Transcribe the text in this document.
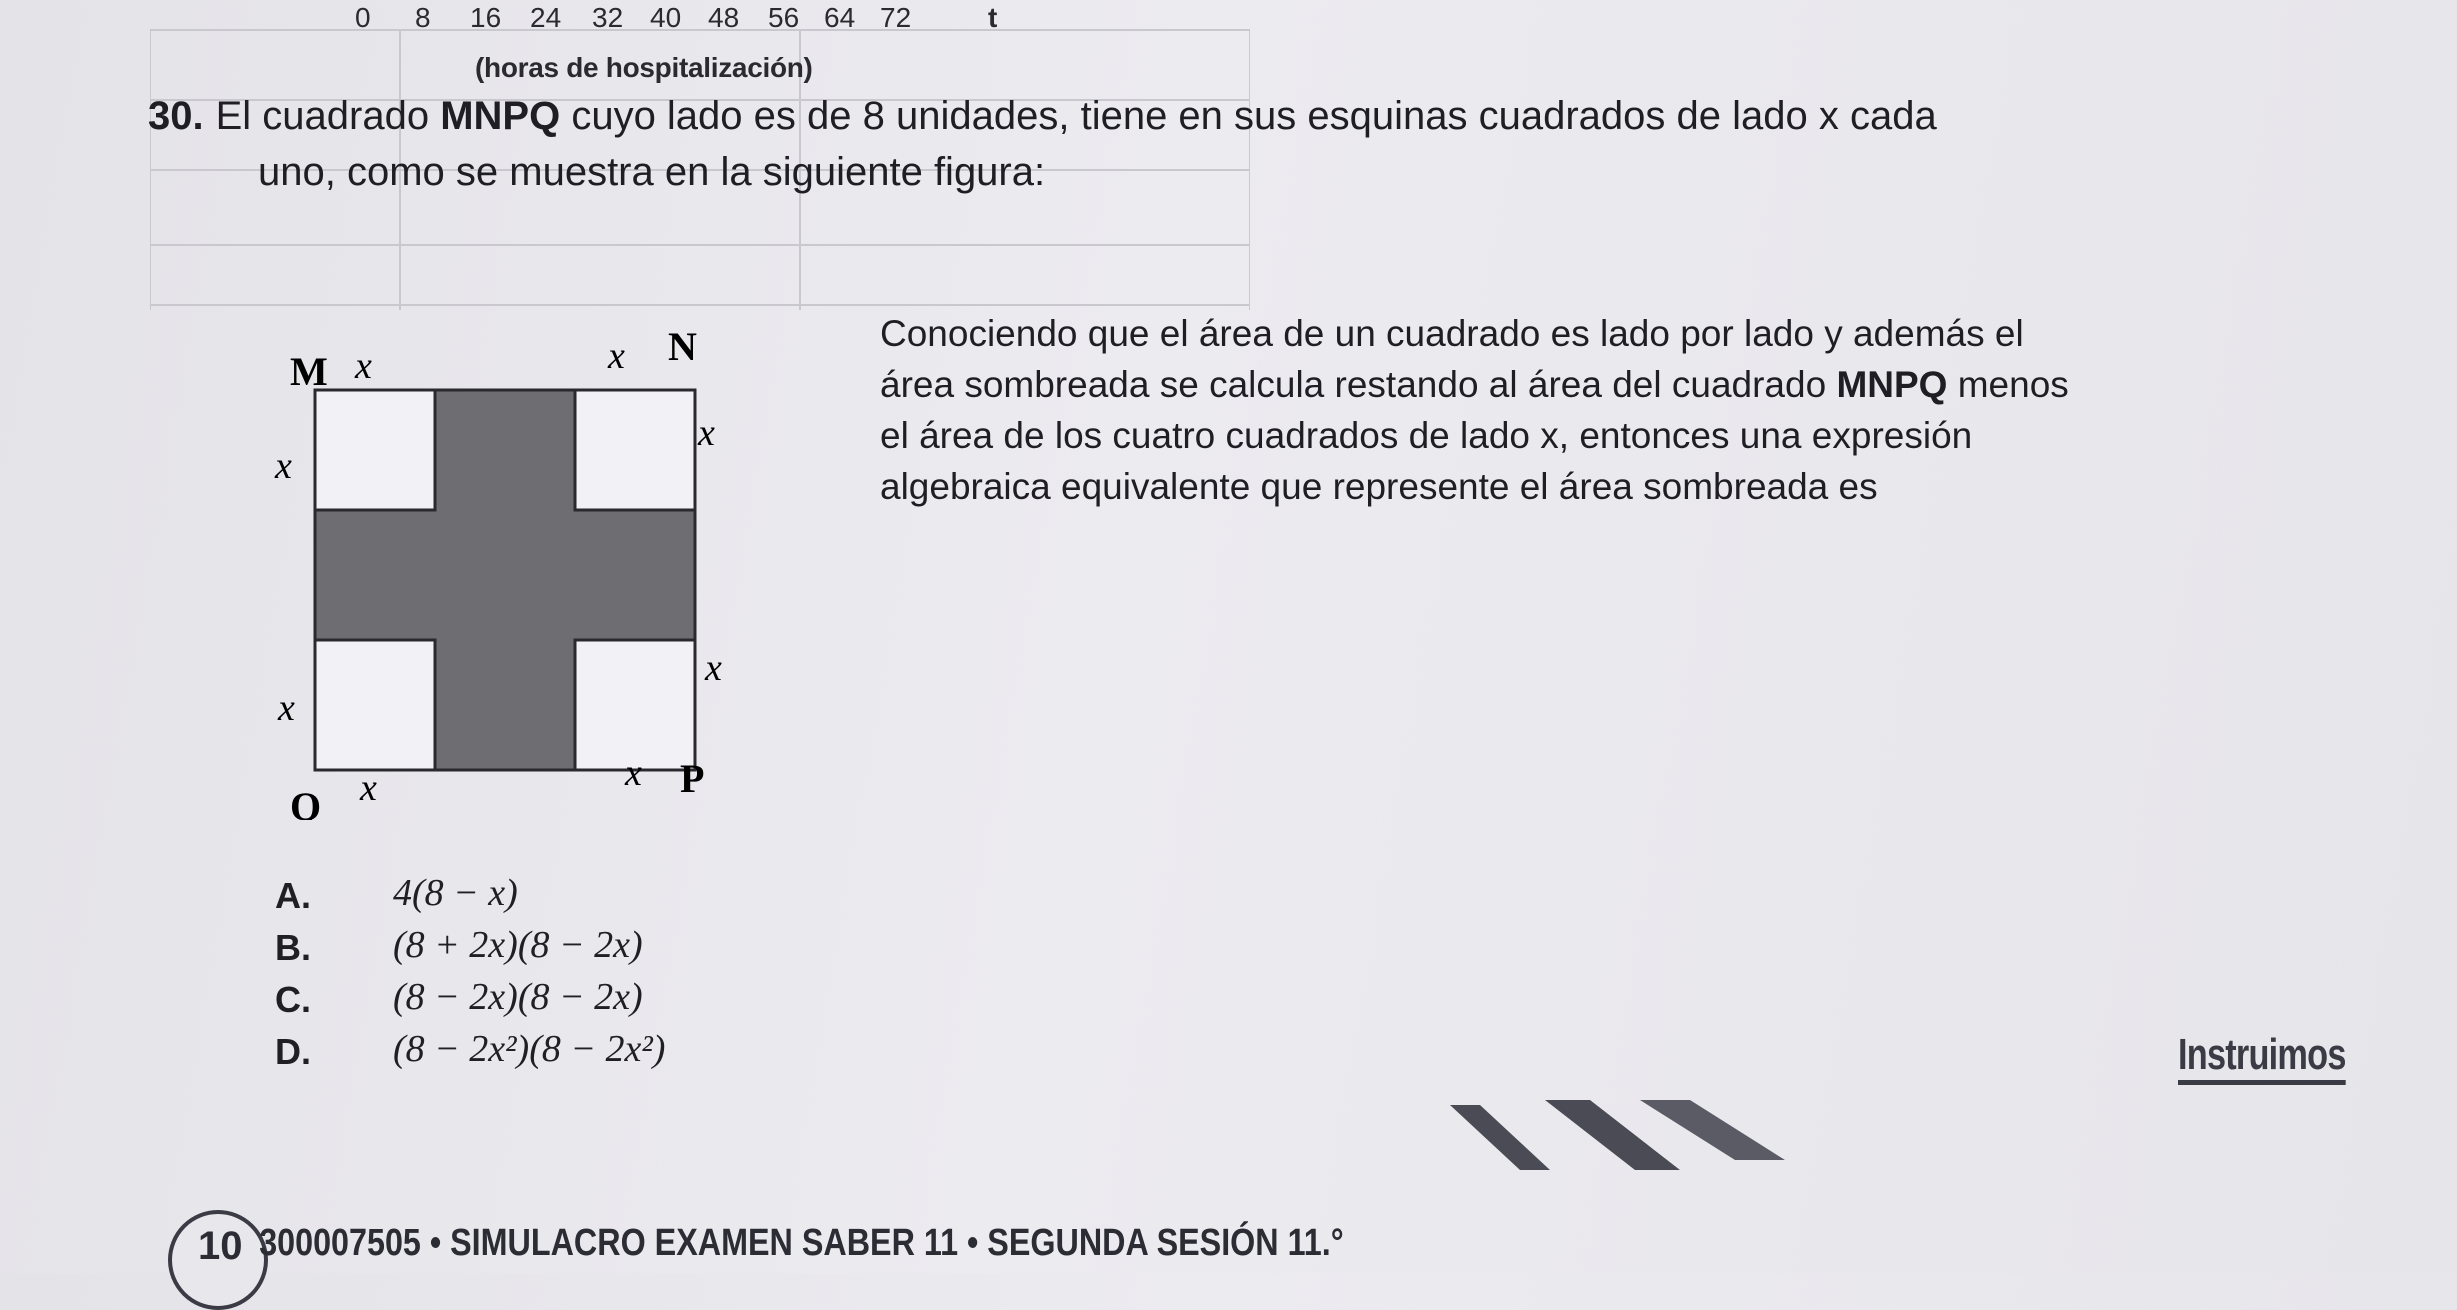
0 8 16 24 32 40 48 56 64 72	t
(horas de hospitalización)
30. El cuadrado MNPQ cuyo lado es de 8 unidades, tiene en sus esquinas cuadrados de lado x cada
uno, como se muestra en la siguiente figura:
M
N
Q
P
x	x
x
x
x
x
x	x

Conociendo que el área de un cuadrado es lado por lado y además el

área sombreada se calcula restando al área del cuadrado MNPQ menos

el área de los cuatro cuadrados de lado x, entonces una expresión

algebraica equivalente que represente el área sombreada es

A. 4(8 − x)
B. (8 + 2x)(8 − 2x)
C. (8 − 2x)(8 − 2x)
D. (8 − 2x²)(8 − 2x²)	Instruimos
10 300007505 • SIMULACRO EXAMEN SABER 11 • SEGUNDA SESIÓN 11.°
